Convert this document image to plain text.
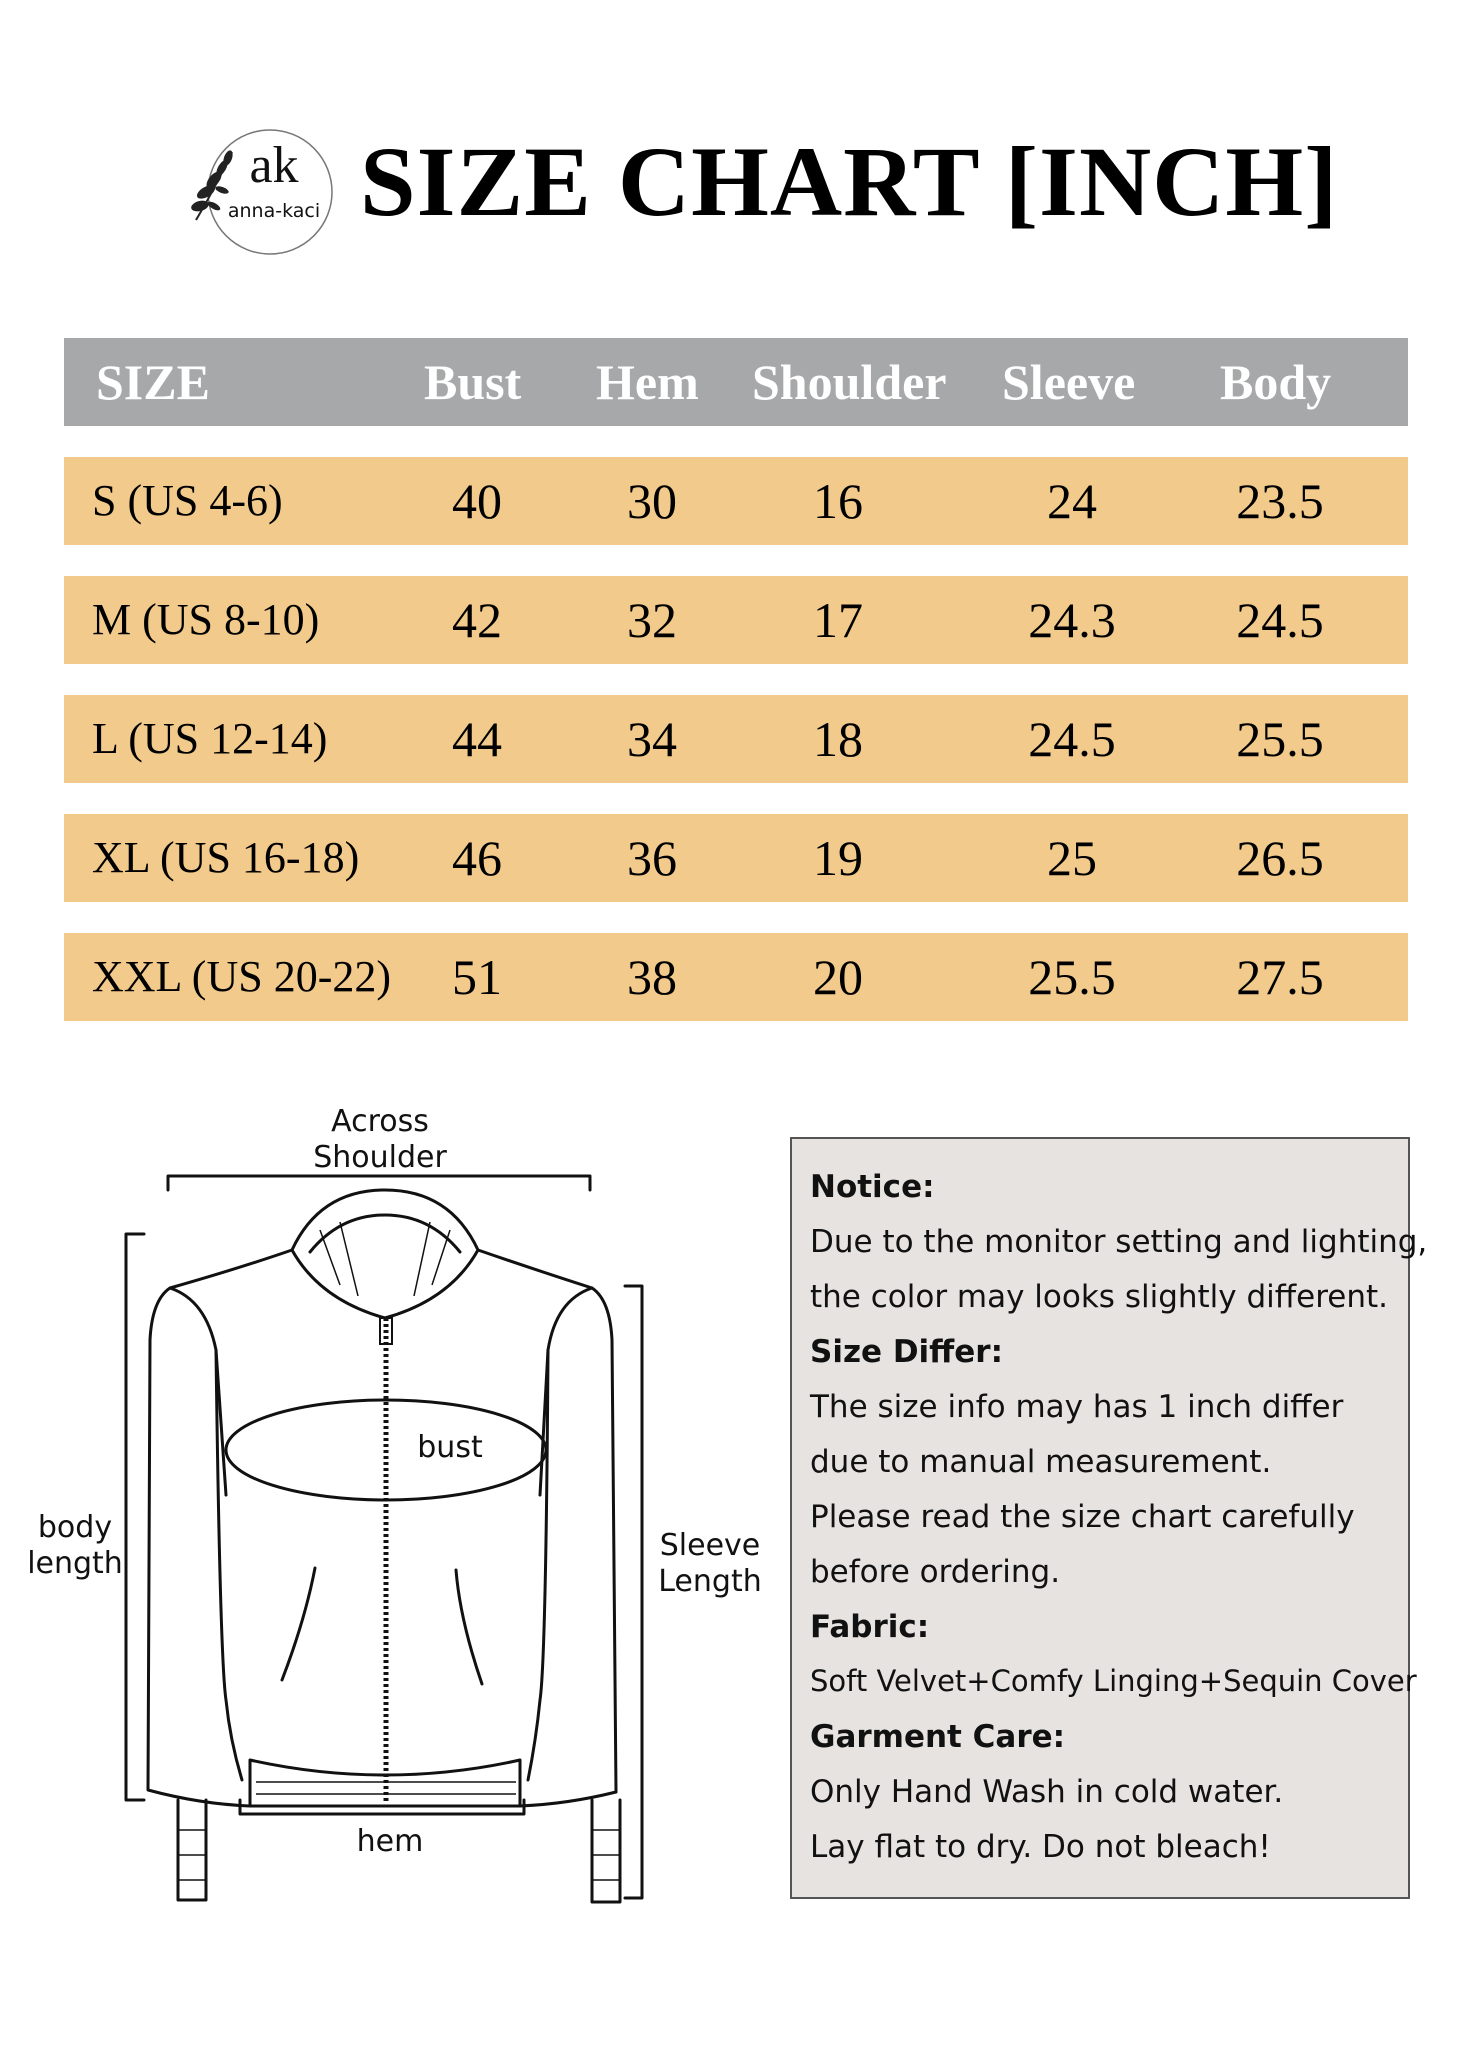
ak
anna-kaci SIZE CHART [INCH]
SIZE	Bust Hem Shoulder Sleeve Body
S (US 4-6)	40	30	16	24	23.5
M (US 8-10)	42	32	17	24.3	24.5
L (US 12-14)	44	34	18	24.5	25.5
XL (US 16-18)	46	36	19	25	26.5
XXL (US 20-22)	51	38	20	25.5	27.5
Across
Shoulder
bust
body
length
Sleeve
Length
hem
Notice:
Due to the monitor setting and lighting,
the color may looks slightly different.
Size Differ:
The size info may has 1 inch differ
due to manual measurement.
Please read the size chart carefully
before ordering.
Fabric:
Soft Velvet+Comfy Linging+Sequin Cover
Garment Care:
Only Hand Wash in cold water.
Lay flat to dry. Do not bleach!
